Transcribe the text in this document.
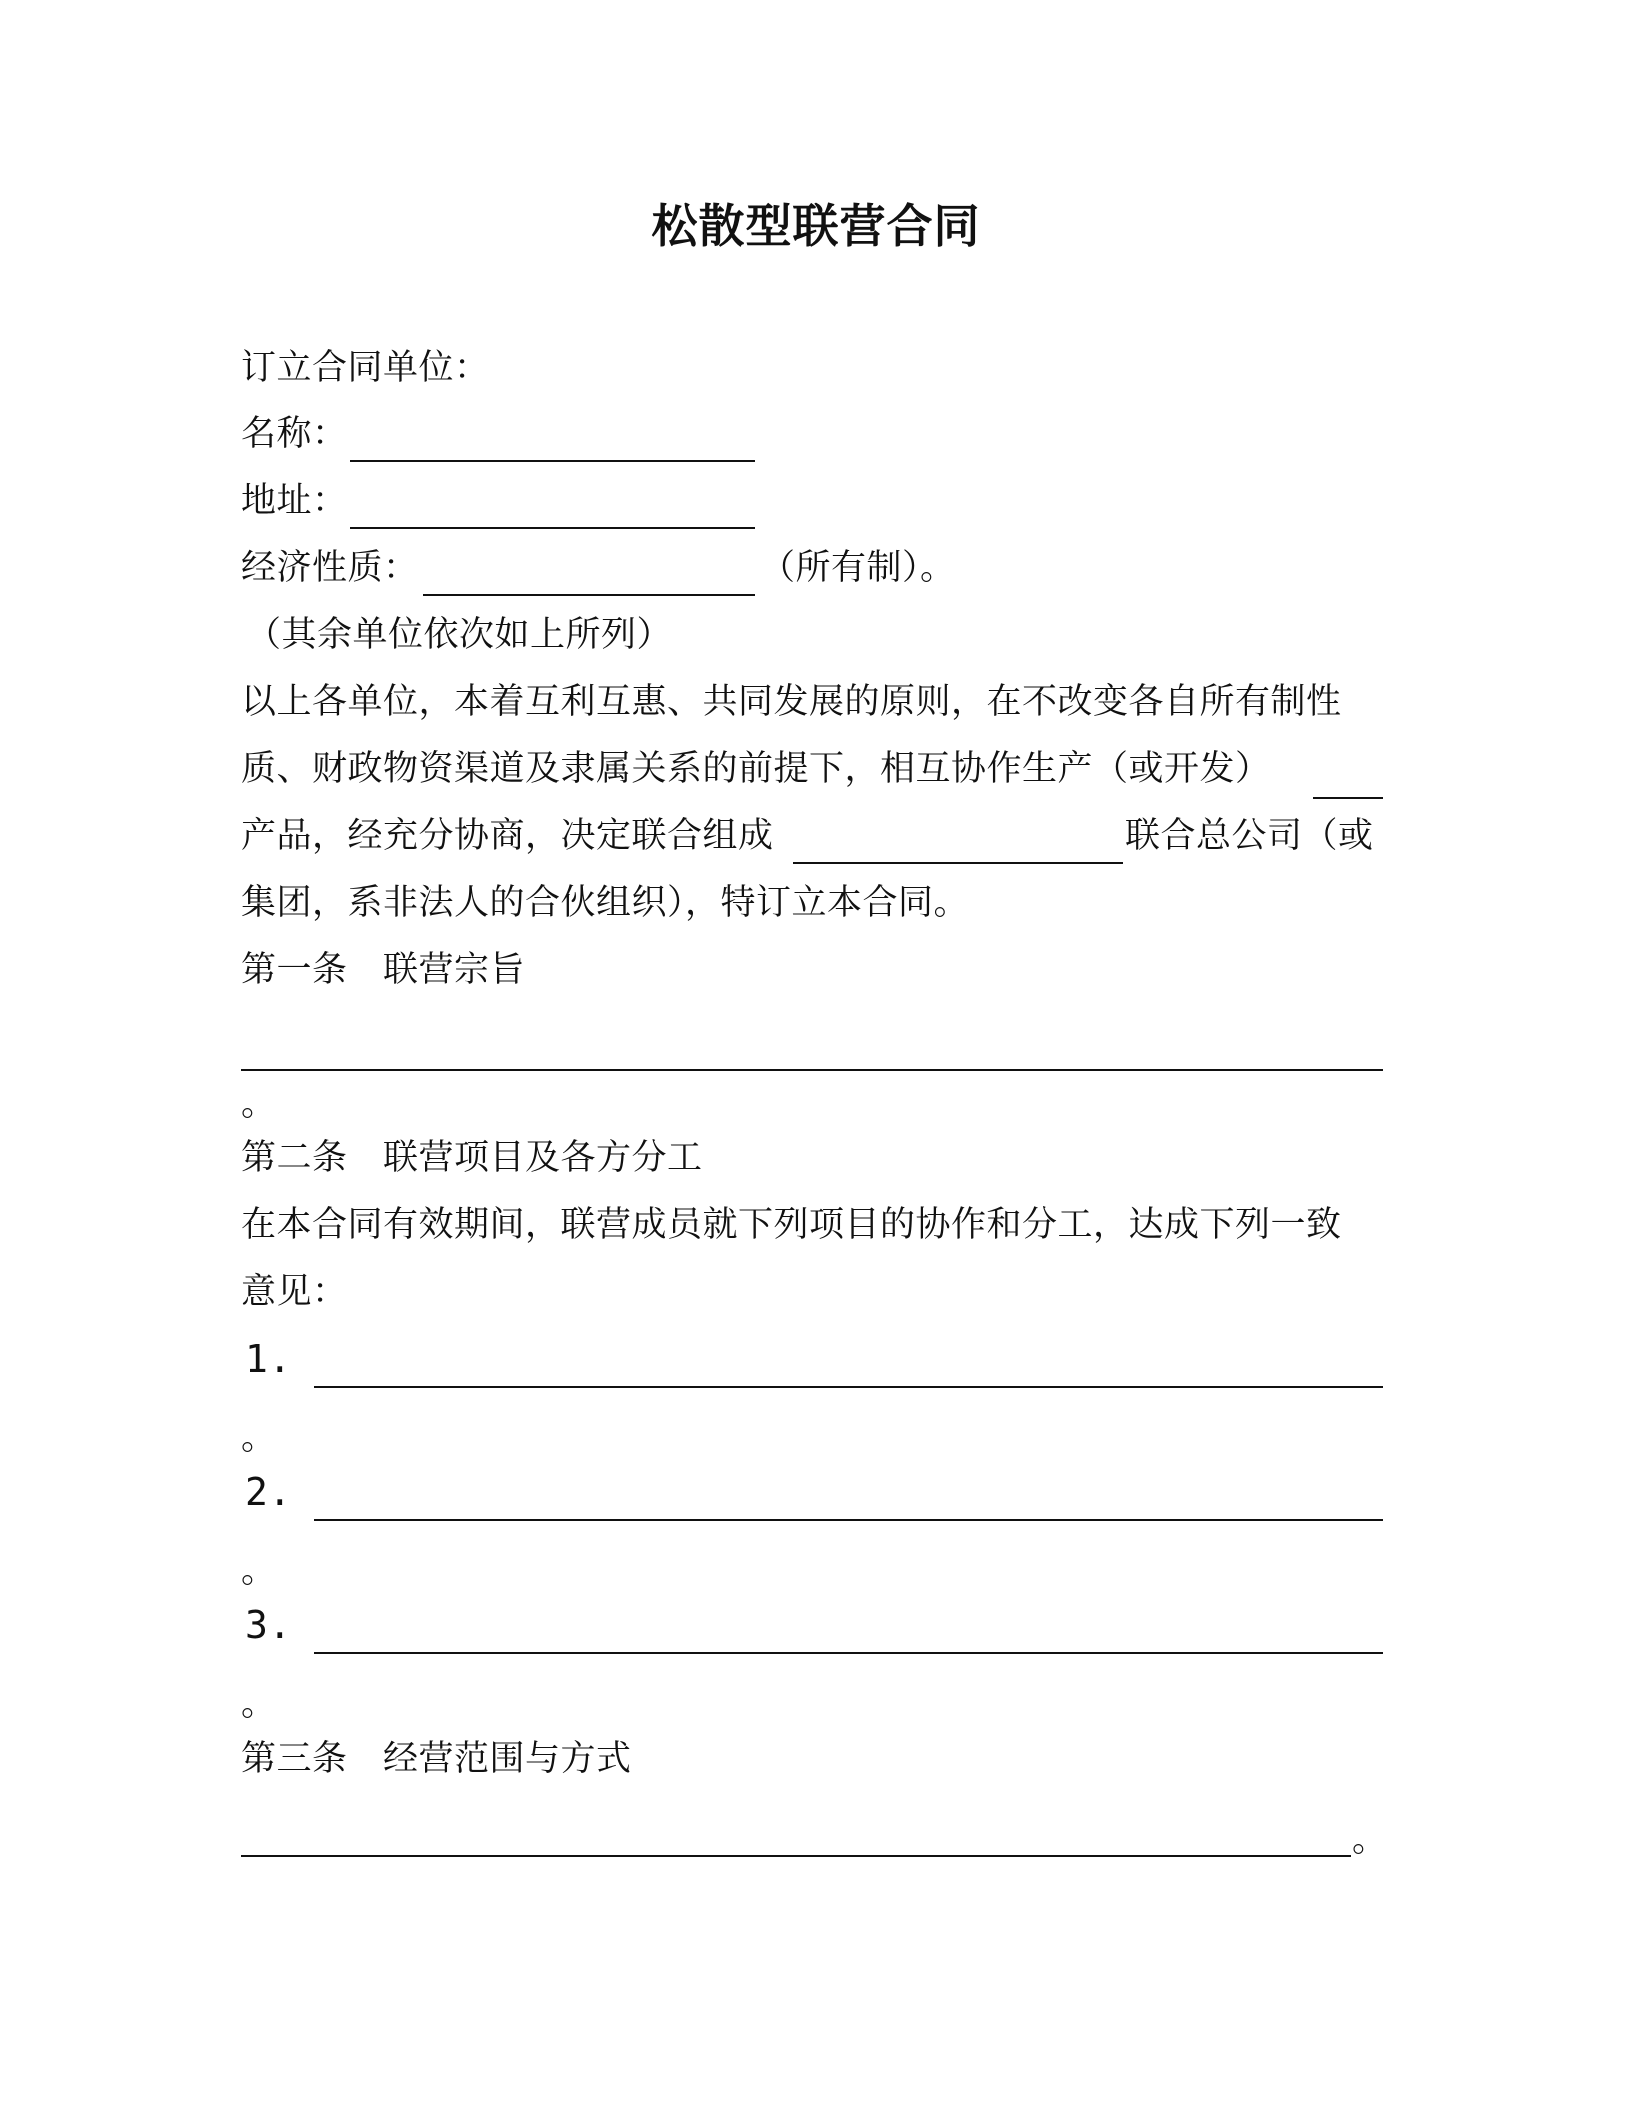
松散型联营合同
订立合同单位：
名称：
地址：
经济性质：	（所有制）。
（其余单位依次如上所列）
以上各单位，本着互利互惠、共同发展的原则，在不改变各自所有制性
质、财政物资渠道及隶属关系的前提下，相互协作生产（或开发）
产品，经充分协商，决定联合组成	联合总公司（或
集团，系非法人的合伙组织），特订立本合同。
第一条　联营宗旨
。
第二条　联营项目及各方分工
在本合同有效期间，联营成员就下列项目的协作和分工，达成下列一致
意见：
1.
。
2.
。
3.
。
第三条　经营范围与方式
。
